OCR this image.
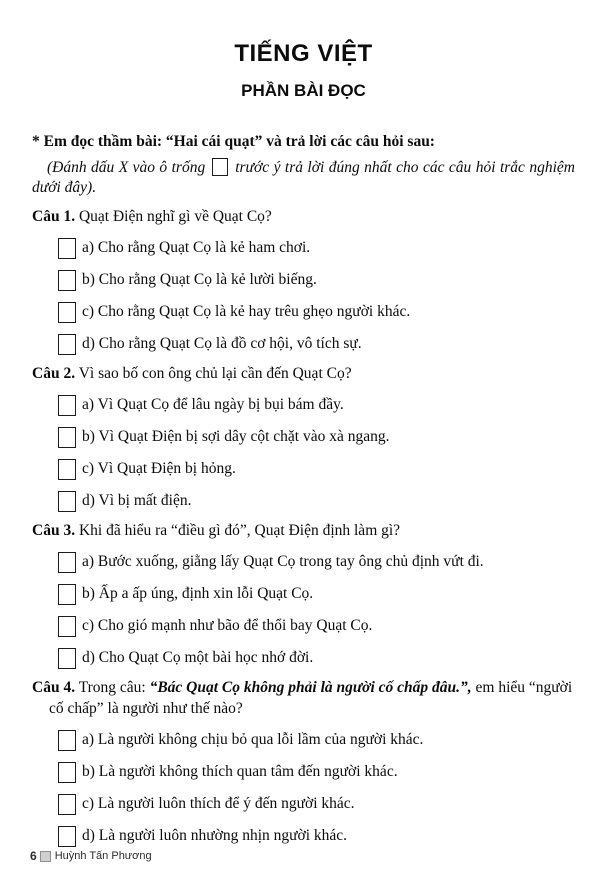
TIẾNG VIỆT
PHẦN BÀI ĐỌC

* Em đọc thầm bài: “Hai cái quạt” và trả lời các câu hỏi sau:

(Đánh dấu X vào ô trống trước ý trả lời đúng nhất cho các câu hỏi trắc nghiệm dưới đây).

Câu 1. Quạt Điện nghĩ gì về Quạt Cọ?

a) Cho rằng Quạt Cọ là kẻ ham chơi.
b) Cho rằng Quạt Cọ là kẻ lười biếng.
c) Cho rằng Quạt Cọ là kẻ hay trêu ghẹo người khác.
d) Cho rằng Quạt Cọ là đồ cơ hội, vô tích sự.

Câu 2. Vì sao bố con ông chủ lại cần đến Quạt Cọ?

a) Vì Quạt Cọ để lâu ngày bị bụi bám đầy.
b) Vì Quạt Điện bị sợi dây cột chặt vào xà ngang.
c) Vì Quạt Điện bị hỏng.
d) Vì bị mất điện.

Câu 3. Khi đã hiểu ra “điều gì đó”, Quạt Điện định làm gì?

a) Bước xuống, giằng lấy Quạt Cọ trong tay ông chủ định vứt đi.
b) Ấp a ấp úng, định xin lỗi Quạt Cọ.
c) Cho gió mạnh như bão để thổi bay Quạt Cọ.
d) Cho Quạt Cọ một bài học nhớ đời.

Câu 4. Trong câu: “Bác Quạt Cọ không phải là người cố chấp đâu.”, em hiểu “người cố chấp” là người như thế nào?

a) Là người không chịu bỏ qua lỗi lầm của người khác.
b) Là người không thích quan tâm đến người khác.
c) Là người luôn thích để ý đến người khác.
d) Là người luôn nhường nhịn người khác.
6 Huỳnh Tấn Phương
